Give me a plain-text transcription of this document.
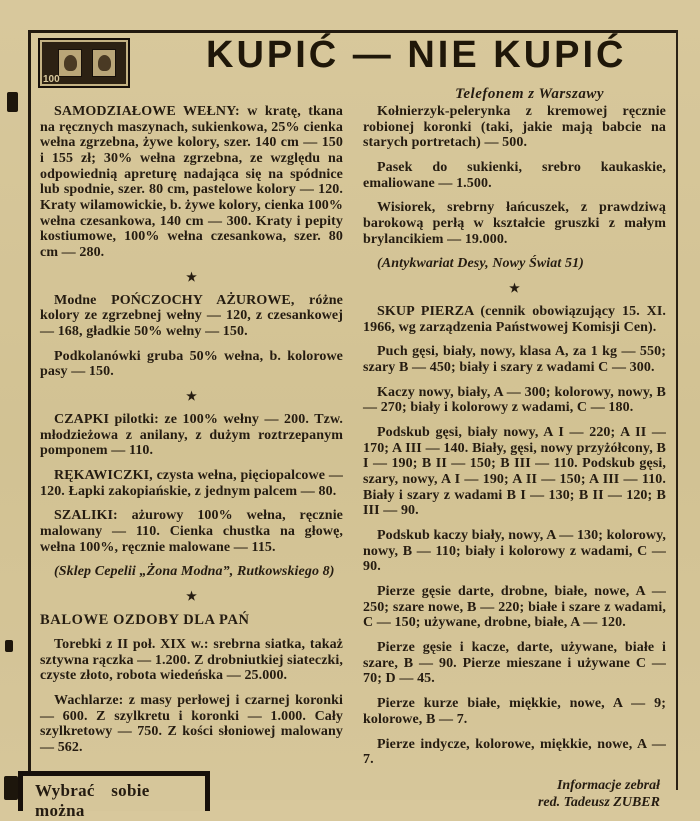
100
KUPIĆ — NIE KUPIĆ
Telefonem z Warszawy
SAMODZIAŁOWE WEŁNY: w kratę, tkana na ręcznych maszynach, sukienkowa, 25% cienka wełna zgrzebna, żywe kolory, szer. 140 cm — 150 i 155 zł; 30% wełna zgrzebna, ze względu na odpowiednią apreturę nadająca się na spódnice lub spodnie, szer. 80 cm, pastelowe kolory — 120. Kraty wilamowickie, b. żywe kolory, cienka 100% wełna czesankowa, 140 cm — 300. Kraty i pepity kostiumowe, 100% wełna czesankowa, szer. 80 cm — 280.
★
Modne POŃCZOCHY AŻUROWE, różne kolory ze zgrzebnej wełny — 120, z czesankowej — 168, gładkie 50% wełny — 150.
Podkolanówki gruba 50% wełna, b. kolorowe pasy — 150.
★
CZAPKI pilotki: ze 100% wełny — 200. Tzw. młodzieżowa z anilany, z dużym roztrzepanym pomponem — 110.
RĘKAWICZKI, czysta wełna, pięciopalcowe — 120. Łapki zakopiańskie, z jednym palcem — 80.
SZALIKI: ażurowy 100% wełna, ręcznie malowany — 110. Cienka chustka na głowę, wełna 100%, ręcznie malowane — 115.
(Sklep Cepelii „Żona Modna”, Rutkowskiego 8)
★
BALOWE OZDOBY DLA PAŃ
Torebki z II poł. XIX w.: srebrna siatka, takaż sztywna rączka — 1.200. Z drobniutkiej siateczki, czyste złoto, robota wiedeńska — 25.000.
Wachlarze: z masy perłowej i czarnej koronki — 600. Z szylkretu i koronki — 1.000. Cały szylkretowy — 750. Z kości słoniowej malowany — 562.
Kołnierzyk-pelerynka z kremowej ręcznie robionej koronki (taki, jakie mają babcie na starych portretach) — 500.
Pasek do sukienki, srebro kaukaskie, emaliowane — 1.500.
Wisiorek, srebrny łańcuszek, z prawdziwą barokową perłą w kształcie gruszki z małym brylancikiem — 19.000.
(Antykwariat Desy, Nowy Świat 51)
★
SKUP PIERZA (cennik obowiązujący 15. XI. 1966, wg zarządzenia Państwowej Komisji Cen).
Puch gęsi, biały, nowy, klasa A, za 1 kg — 550; szary B — 450; biały i szary z wadami C — 300.
Kaczy nowy, biały, A — 300; kolorowy, nowy, B — 270; biały i kolorowy z wadami, C — 180.
Podskub gęsi, biały nowy, A I — 220; A II — 170; A III — 140. Biały, gęsi, nowy przyżółcony, B I — 190; B II — 150; B III — 110. Podskub gęsi, szary, nowy, A I — 190; A II — 150; A III — 110. Biały i szary z wadami B I — 130; B II — 120; B III — 90.
Podskub kaczy biały, nowy, A — 130; kolorowy, nowy, B — 110; biały i kolorowy z wadami, C — 90.
Pierze gęsie darte, drobne, białe, nowe, A — 250; szare nowe, B — 220; białe i szare z wadami, C — 150; używane, drobne, białe, A — 120.
Pierze gęsie i kacze, darte, używane, białe i szare, B — 90. Pierze mieszane i używane C — 70; D — 45.
Pierze kurze białe, miękkie, nowe, A — 9; kolorowe, B — 7.
Pierze indycze, kolorowe, miękkie, nowe, A — 7.
Informacje zebrał
red. Tadeusz ZUBER
Wybrać sobie można
